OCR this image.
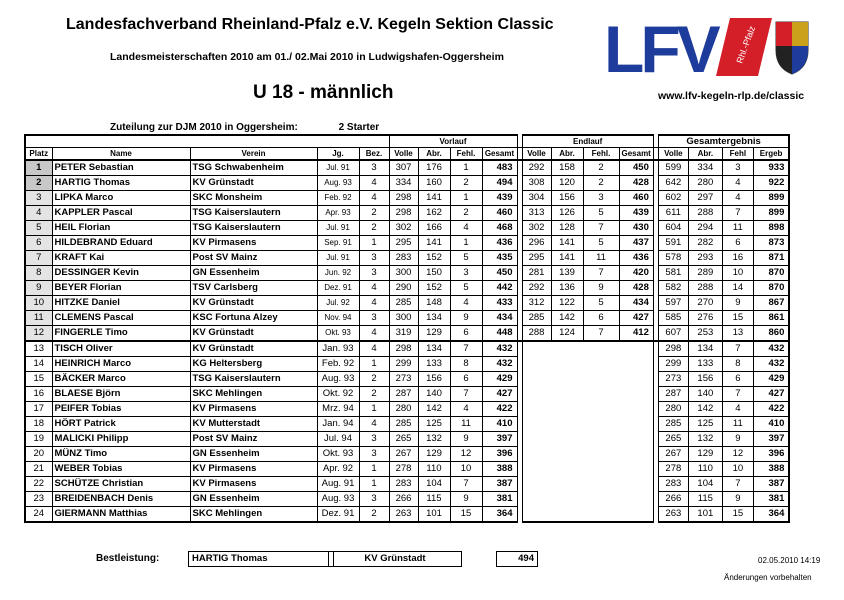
Landesfachverband Rheinland-Pfalz e.V. Kegeln Sektion Classic
Landesmeisterschaften 2010 am 01./ 02.Mai 2010 in Ludwigshafen-Oggersheim
U 18 - männlich	www.lfv-kegeln-rlp.de/classic
LFV	Rhl.-Pfalz
Zuteilung zur DJM 2010 in Oggersheim:	2 Starter
					Vorlauf					Endlauf					Gesamtergebnis			
Platz	Name	Verein	Jg.	Bez.	Volle	Abr.	Fehl.	Gesamt		Volle	Abr.	Fehl.	Gesamt		Volle	Abr.	Fehl	Ergeb
1	PETER Sebastian	TSG Schwabenheim	Jul. 91	3	307	176	1	483		292	158	2	450		599	334	3	933
2	HARTIG Thomas	KV Grünstadt	Aug. 93	4	334	160	2	494		308	120	2	428		642	280	4	922
3	LIPKA Marco	SKC Monsheim	Feb. 92	4	298	141	1	439		304	156	3	460		602	297	4	899
4	KAPPLER Pascal	TSG Kaiserslautern	Apr. 93	2	298	162	2	460		313	126	5	439		611	288	7	899
5	HEIL Florian	TSG Kaiserslautern	Jul. 91	2	302	166	4	468		302	128	7	430		604	294	11	898
6	HILDEBRAND Eduard	KV Pirmasens	Sep. 91	1	295	141	1	436		296	141	5	437		591	282	6	873
7	KRAFT Kai	Post SV Mainz	Jul. 91	3	283	152	5	435		295	141	11	436		578	293	16	871
8	DESSINGER Kevin	GN Essenheim	Jun. 92	3	300	150	3	450		281	139	7	420		581	289	10	870
9	BEYER Florian	TSV Carlsberg	Dez. 91	4	290	152	5	442		292	136	9	428		582	288	14	870
10	HITZKE Daniel	KV Grünstadt	Jul. 92	4	285	148	4	433		312	122	5	434		597	270	9	867
11	CLEMENS Pascal	KSC Fortuna Alzey	Nov. 94	3	300	134	9	434		285	142	6	427		585	276	15	861
12	FINGERLE Timo	KV Grünstadt	Okt. 93	4	319	129	6	448		288	124	7	412		607	253	13	860
13	TISCH Oliver	KV Grünstadt	Jan. 93	4	298	134	7	432							298	134	7	432
14	HEINRICH Marco	KG Heltersberg	Feb. 92	1	299	133	8	432							299	133	8	432
15	BÄCKER Marco	TSG Kaiserslautern	Aug. 93	2	273	156	6	429							273	156	6	429
16	BLAESE Björn	SKC Mehlingen	Okt. 92	2	287	140	7	427							287	140	7	427
17	PEIFER Tobias	KV Pirmasens	Mrz. 94	1	280	142	4	422							280	142	4	422
18	HÖRT Patrick	KV Mutterstadt	Jan. 94	4	285	125	11	410							285	125	11	410
19	MALICKI Philipp	Post SV Mainz	Jul. 94	3	265	132	9	397							265	132	9	397
20	MÜNZ Timo	GN Essenheim	Okt. 93	3	267	129	12	396							267	129	12	396
21	WEBER Tobias	KV Pirmasens	Apr. 92	1	278	110	10	388							278	110	10	388
22	SCHÜTZE Christian	KV Pirmasens	Aug. 91	1	283	104	7	387							283	104	7	387
23	BREIDENBACH Denis	GN Essenheim	Aug. 93	3	266	115	9	381							266	115	9	381
24	GIERMANN Matthias	SKC Mehlingen	Dez. 91	2	263	101	15	364							263	101	15	364
Bestleistung:	HARTIG Thomas	KV Grünstadt	494	02.05.2010 14:19
Änderungen vorbehalten
